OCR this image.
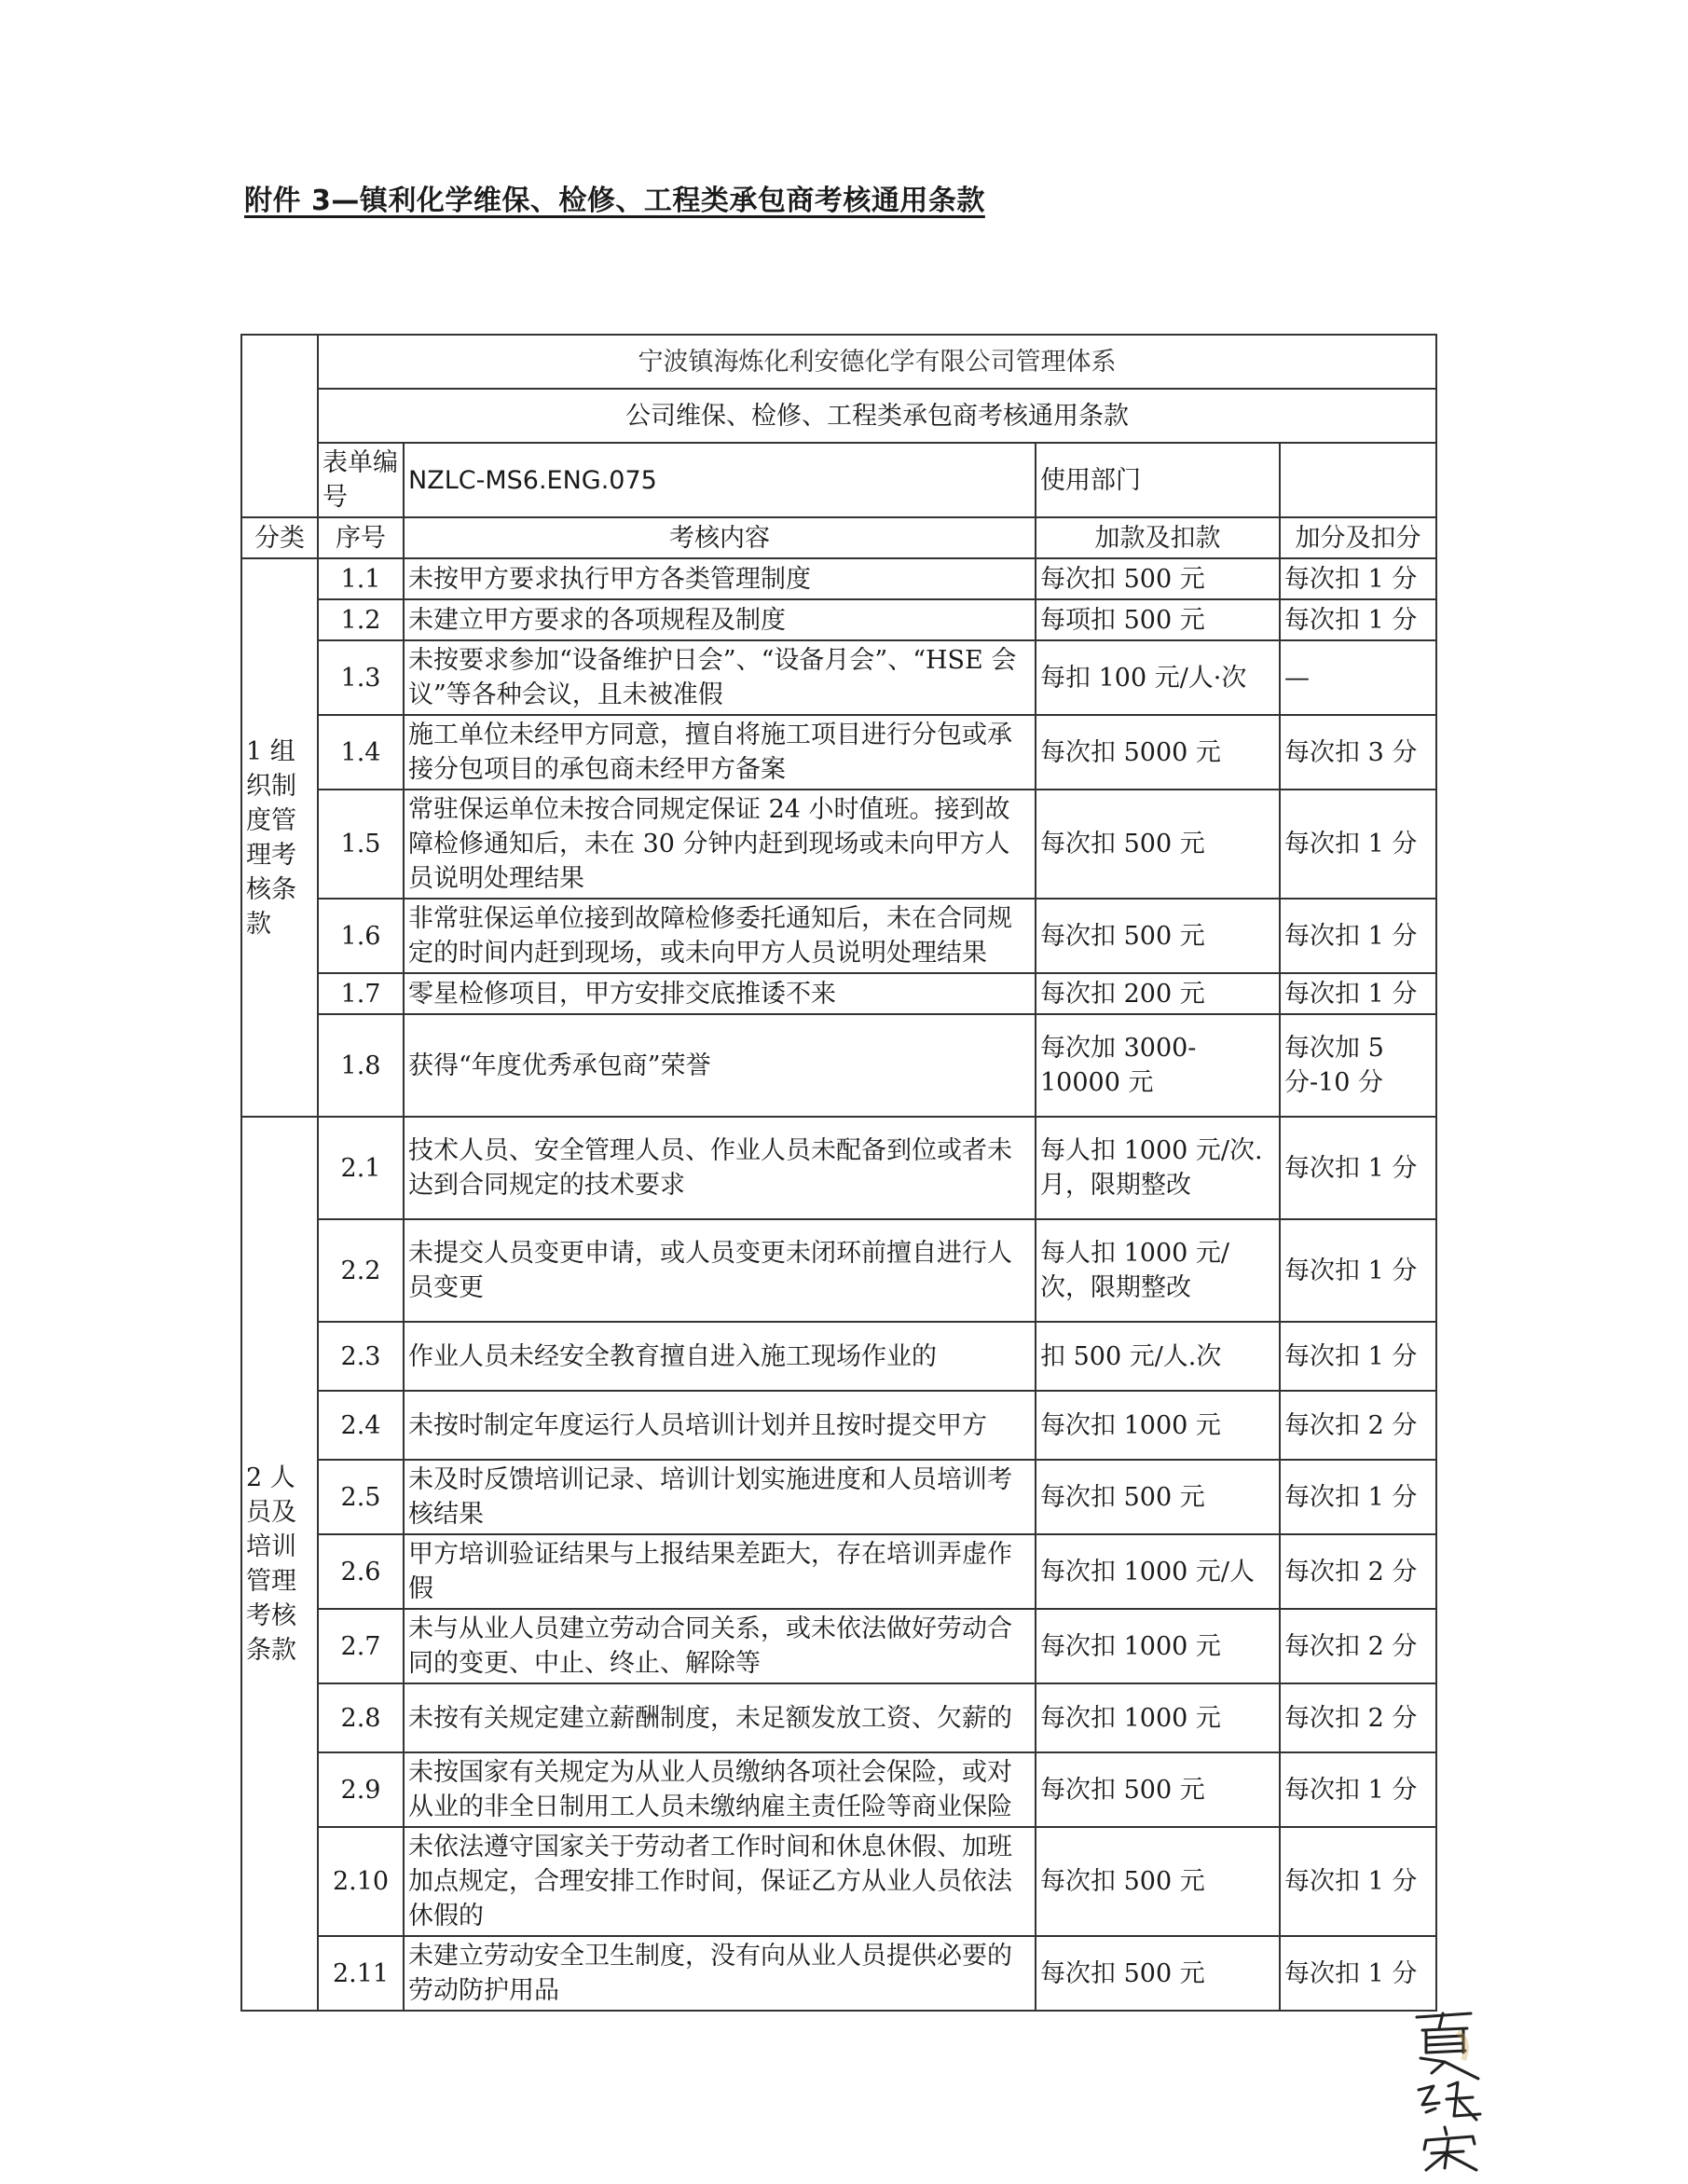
附件 3—镇利化学维保、检修、工程类承包商考核通用条款
	宁波镇海炼化利安德化学有限公司管理体系			
	公司维保、检修、工程类承包商考核通用条款			
	表单编号	NZLC-MS6.ENG.075	使用部门	
分类	序号	考核内容	加款及扣款	加分及扣分
1 组织制度管理考核条款	1.1	未按甲方要求执行甲方各类管理制度	每次扣 500 元	每次扣 1 分
	1.2	未建立甲方要求的各项规程及制度	每项扣 500 元	每次扣 1 分
	1.3	未按要求参加“设备维护日会”、“设备月会”、“HSE 会议”等各种会议，且未被准假	每扣 100 元/人·次	—
	1.4	施工单位未经甲方同意，擅自将施工项目进行分包或承接分包项目的承包商未经甲方备案	每次扣 5000 元	每次扣 3 分
	1.5	常驻保运单位未按合同规定保证 24 小时值班。接到故障检修通知后，未在 30 分钟内赶到现场或未向甲方人员说明处理结果	每次扣 500 元	每次扣 1 分
	1.6	非常驻保运单位接到故障检修委托通知后，未在合同规定的时间内赶到现场，或未向甲方人员说明处理结果	每次扣 500 元	每次扣 1 分
	1.7	零星检修项目，甲方安排交底推诿不来	每次扣 200 元	每次扣 1 分
	1.8	获得“年度优秀承包商”荣誉	每次加 3000-10000 元	每次加 5 分-10 分
2 人员及培训管理考核条款	2.1	技术人员、安全管理人员、作业人员未配备到位或者未达到合同规定的技术要求	每人扣 1000 元/次.月，限期整改	每次扣 1 分
	2.2	未提交人员变更申请，或人员变更未闭环前擅自进行人员变更	每人扣 1000 元/次，限期整改	每次扣 1 分
	2.3	作业人员未经安全教育擅自进入施工现场作业的	扣 500 元/人.次	每次扣 1 分
	2.4	未按时制定年度运行人员培训计划并且按时提交甲方	每次扣 1000 元	每次扣 2 分
	2.5	未及时反馈培训记录、培训计划实施进度和人员培训考核结果	每次扣 500 元	每次扣 1 分
	2.6	甲方培训验证结果与上报结果差距大，存在培训弄虚作假	每次扣 1000 元/人	每次扣 2 分
	2.7	未与从业人员建立劳动合同关系，或未依法做好劳动合同的变更、中止、终止、解除等	每次扣 1000 元	每次扣 2 分
	2.8	未按有关规定建立薪酬制度，未足额发放工资、欠薪的	每次扣 1000 元	每次扣 2 分
	2.9	未按国家有关规定为从业人员缴纳各项社会保险，或对从业的非全日制用工人员未缴纳雇主责任险等商业保险	每次扣 500 元	每次扣 1 分
	2.10	未依法遵守国家关于劳动者工作时间和休息休假、加班加点规定，合理安排工作时间，保证乙方从业人员依法休假的	每次扣 500 元	每次扣 1 分
	2.11	未建立劳动安全卫生制度，没有向从业人员提供必要的劳动防护用品	每次扣 500 元	每次扣 1 分
